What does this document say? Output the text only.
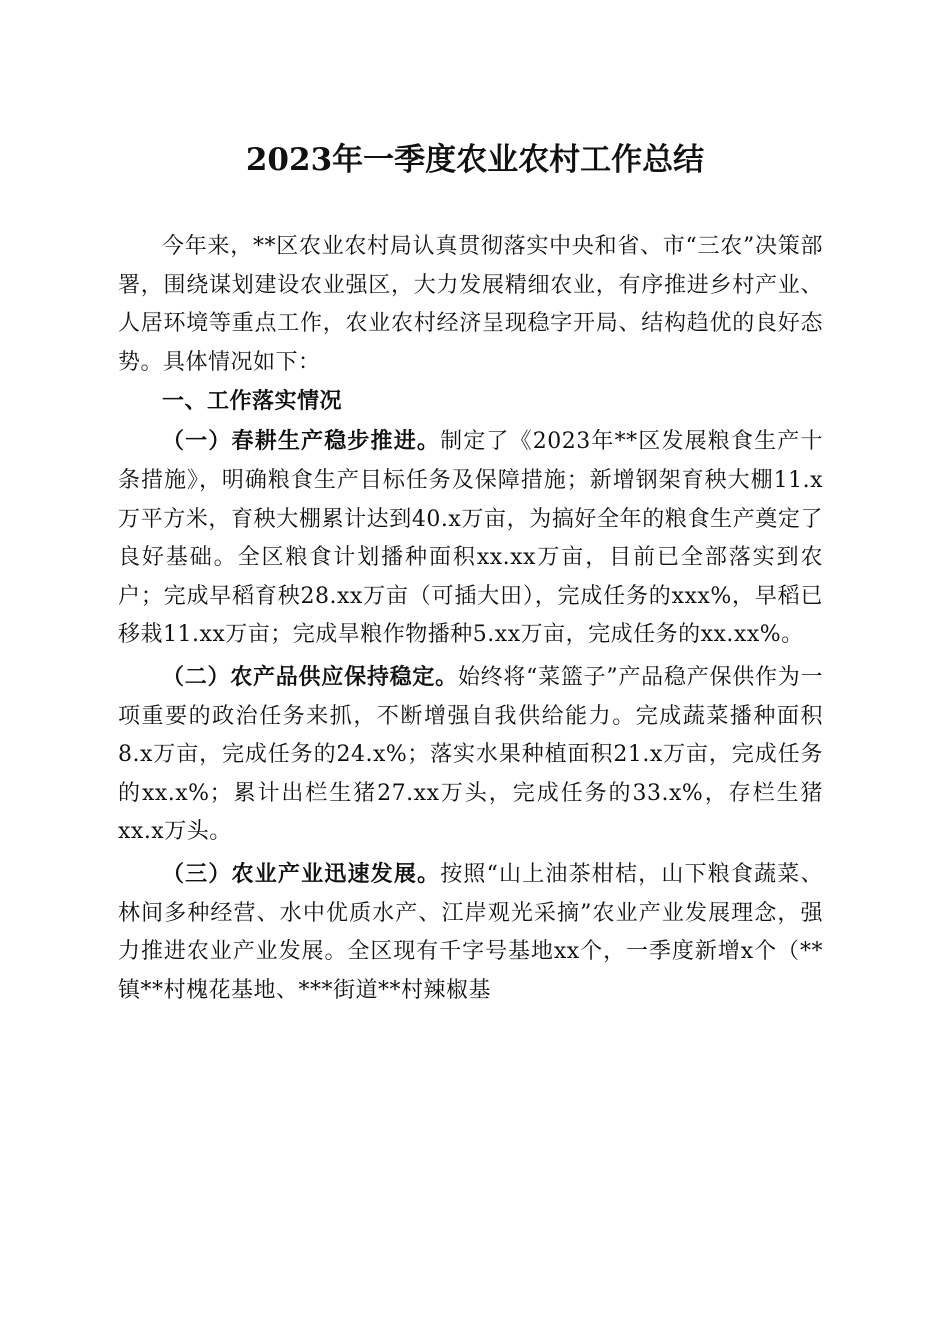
2023年一季度农业农村工作总结

今年来，**区农业农村局认真贯彻落实中央和省、市“三农”决策部署，围绕谋划建设农业强区，大力发展精细农业，有序推进乡村产业、人居环境等重点工作，农业农村经济呈现稳字开局、结构趋优的良好态势。具体情况如下：

一、工作落实情况

（一）春耕生产稳步推进。制定了《2023年**区发展粮食生产十条措施》，明确粮食生产目标任务及保障措施；新增钢架育秧大棚11.x万平方米，育秧大棚累计达到40.x万亩，为搞好全年的粮食生产奠定了良好基础。全区粮食计划播种面积xx.xx万亩，目前已全部落实到农户；完成早稻育秧28.xx万亩（可插大田），完成任务的xxx%，早稻已移栽11.xx万亩；完成旱粮作物播种5.xx万亩，完成任务的xx.xx%。

（二）农产品供应保持稳定。始终将“菜篮子”产品稳产保供作为一项重要的政治任务来抓，不断增强自我供给能力。完成蔬菜播种面积8.x万亩，完成任务的24.x%；落实水果种植面积21.x万亩，完成任务的xx.x%；累计出栏生猪27.xx万头，完成任务的33.x%，存栏生猪xx.x万头。

（三）农业产业迅速发展。按照“山上油茶柑桔，山下粮食蔬菜、林间多种经营、水中优质水产、江岸观光采摘”农业产业发展理念，强力推进农业产业发展。全区现有千字号基地xx个，一季度新增x个（**镇**村槐花基地、***街道**村辣椒基
